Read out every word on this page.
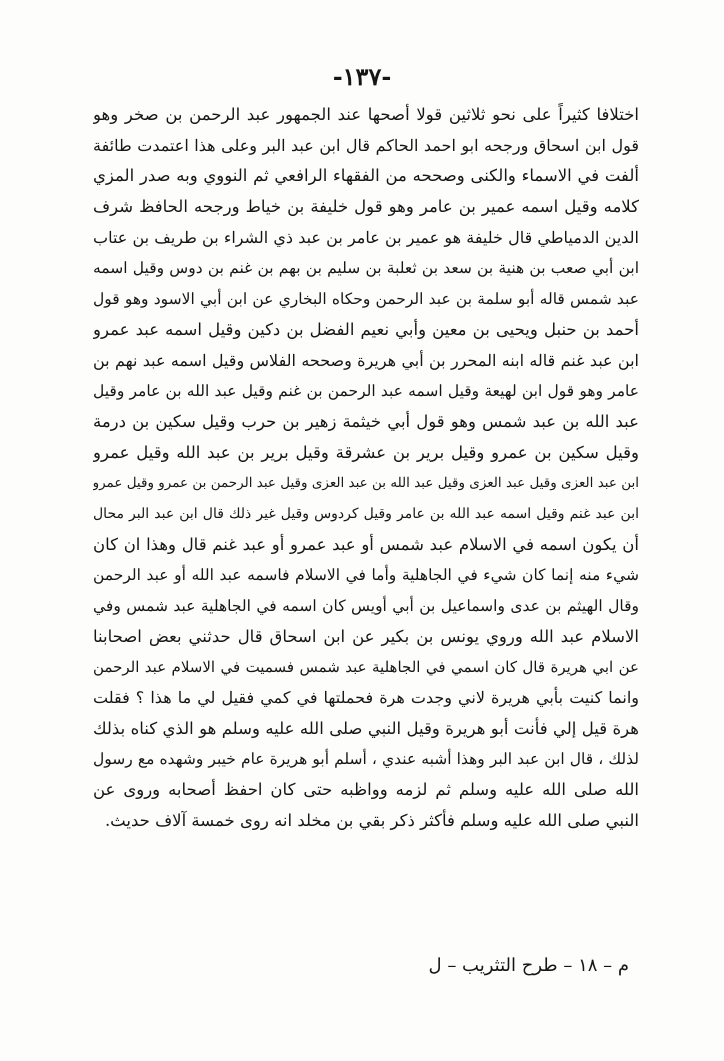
-١٣٧-
اختلافا كثيراً على نحو ثلاثين قولا أصحها عند الجمهور عبد الرحمن بن صخر وهو
قول ابن اسحاق ورجحه ابو احمد الحاكم قال ابن عبد البر وعلى هذا اعتمدت طائفة
ألفت في الاسماء والكنى وصححه من الفقهاء الرافعي ثم النووي وبه صدر المزي
كلامه وقيل اسمه عمير بن عامر وهو قول خليفة بن خياط ورجحه الحافظ شرف
الدين الدمياطي قال خليفة هو عمير بن عامر بن عبد ذي الشراء بن طريف بن عتاب
ابن أبي صعب بن هنية بن سعد بن ثعلبة بن سليم بن بهم بن غنم بن دوس وقيل اسمه
عبد شمس قاله أبو سلمة بن عبد الرحمن وحكاه البخاري عن ابن أبي الاسود وهو قول
أحمد بن حنبل ويحيى بن معين وأبي نعيم الفضل بن دكين وقيل اسمه عبد عمرو
ابن عبد غنم قاله ابنه المحرر بن أبي هريرة وصححه الفلاس وقيل اسمه عبد نهم بن
عامر وهو قول ابن لهيعة وقيل اسمه عبد الرحمن بن غنم وقيل عبد الله بن عامر وقيل
عبد الله بن عبد شمس وهو قول أبي خيثمة زهير بن حرب وقيل سكين بن درمة
وقيل سكين بن عمرو وقيل برير بن عشرقة وقيل برير بن عبد الله وقيل عمرو
ابن عبد العزى وقيل عبد العزى وقيل عبد الله بن عبد العزى وقيل عبد الرحمن بن عمرو وقيل عمرو
ابن عبد غنم وقيل اسمه عبد الله بن عامر وقيل كردوس وقيل غير ذلك قال ابن عبد البر محال
أن يكون اسمه في الاسلام عبد شمس أو عبد عمرو أو عبد غنم قال وهذا ان كان
شيء منه إنما كان شيء في الجاهلية وأما في الاسلام فاسمه عبد الله أو عبد الرحمن
وقال الهيثم بن عدى واسماعيل بن أبي أويس كان اسمه في الجاهلية عبد شمس وفي
الاسلام عبد الله وروي يونس بن بكير عن ابن اسحاق قال حدثني بعض اصحابنا
عن ابي هريرة قال كان اسمي في الجاهلية عبد شمس فسميت في الاسلام عبد الرحمن
وانما كنيت بأبي هريرة لاني وجدت هرة فحملتها في كمي فقيل لي ما هذا ؟ فقلت
هرة قيل إلي فأنت أبو هريرة وقيل النبي صلى الله عليه وسلم هو الذي كناه بذلك
لذلك ، قال ابن عبد البر وهذا أشبه عندي ، أسلم أبو هريرة عام خيبر وشهده مع رسول
الله صلى الله عليه وسلم ثم لزمه وواظبه حتى كان احفظ أصحابه وروى عن
النبي صلى الله عليه وسلم فأكثر ذكر بقي بن مخلد انه روى خمسة آلاف حديث.
م – ١٨ – طرح التثريب – ل
